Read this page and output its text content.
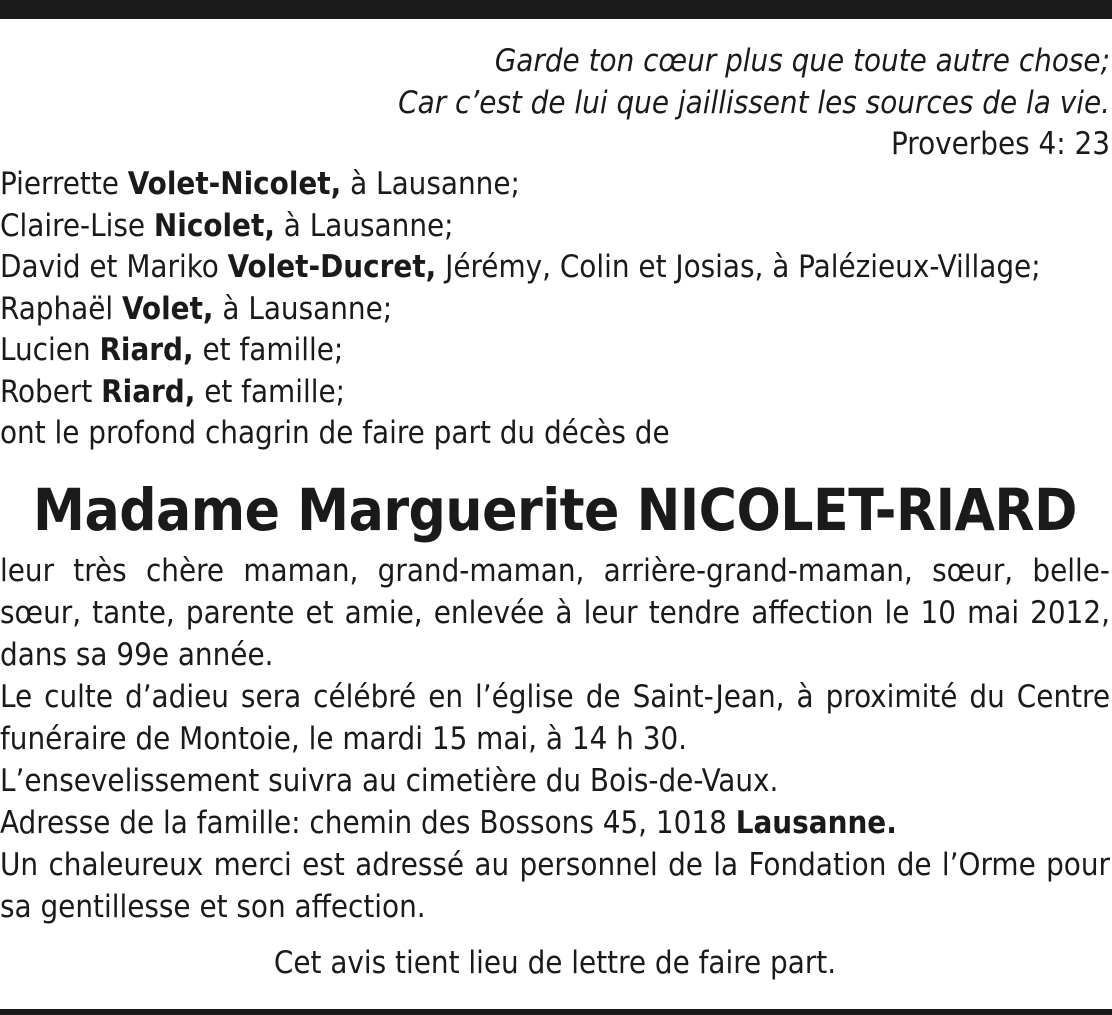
Garde ton cœur plus que toute autre chose;
Car c’est de lui que jaillissent les sources de la vie.
Proverbes 4: 23
Pierrette Volet-Nicolet, à Lausanne;
Claire-Lise Nicolet, à Lausanne;
David et Mariko Volet-Ducret, Jérémy, Colin et Josias, à Palézieux-Village;
Raphaël Volet, à Lausanne;
Lucien Riard, et famille;
Robert Riard, et famille;
ont le profond chagrin de faire part du décès de
Madame Marguerite NICOLET-RIARD
leur très chère maman, grand-maman, arrière-grand-maman, sœur, belle-sœur, tante, parente et amie, enlevée à leur tendre affection le 10 mai 2012, dans sa 99e année.
Le culte d’adieu sera célébré en l’église de Saint-Jean, à proximité du Centre funéraire de Montoie, le mardi 15 mai, à 14 h 30.
L’ensevelissement suivra au cimetière du Bois-de-Vaux.
Adresse de la famille: chemin des Bossons 45, 1018 Lausanne.
Un chaleureux merci est adressé au personnel de la Fondation de l’Orme pour sa gentillesse et son affection.
Cet avis tient lieu de lettre de faire part.
